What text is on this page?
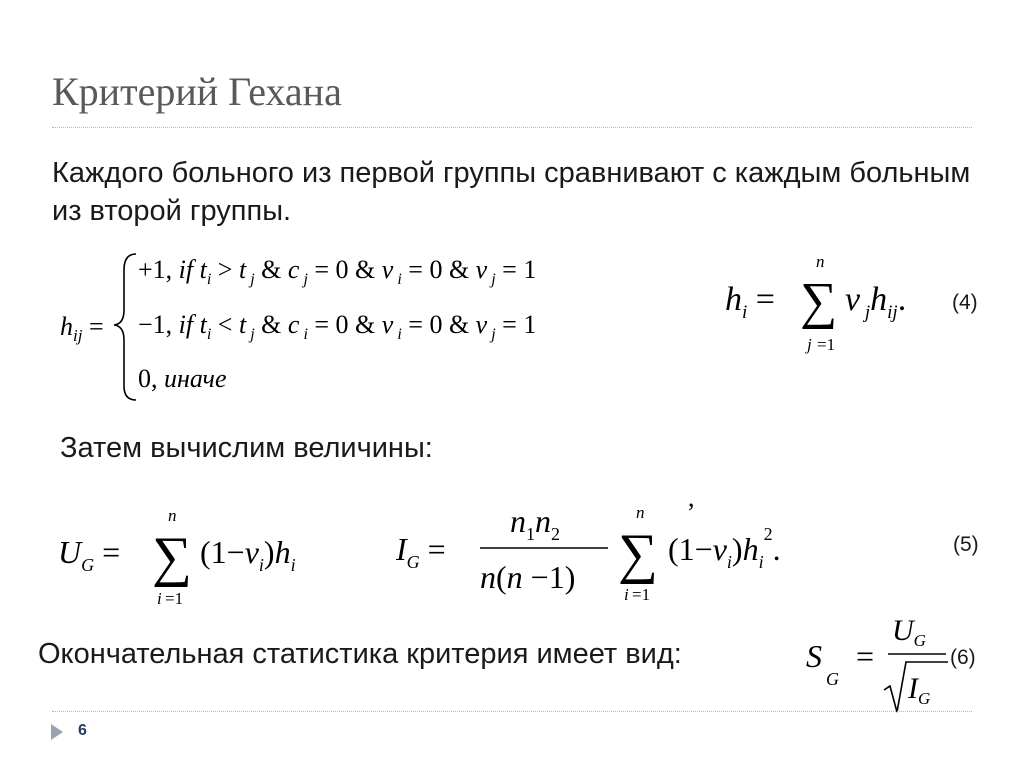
Критерий Гехана
Каждого больного из первой группы сравнивают с каждым больным из второй группы.
$h_{ij}$ =
+1, if $t_i > t$ $_j$ & c $_j$ = 0 & ν $_i$ = 0 & ν $_j$ = 1
−1, if $t_i < t$ $_j$ & c $_i$ = 0 & ν $_i$ = 0 & ν $_j$ = 1
0, иначе
$h_i$ = ∑
n
j =1
ν $_jh_{ij}$. (4)
Затем вычислим величины:
$U_G$ = ∑
n
i =1
$(1-\nu_i)h_i$	$I_G$ =
$n_1n_2$
n(n −1) ∑
n
i =1
$(1-\nu_i)h_i^2$.
,
(5)
Окончательная статистика критерия имеет вид:	S
G
=
$U_G$
$I_G$
(6)
6
